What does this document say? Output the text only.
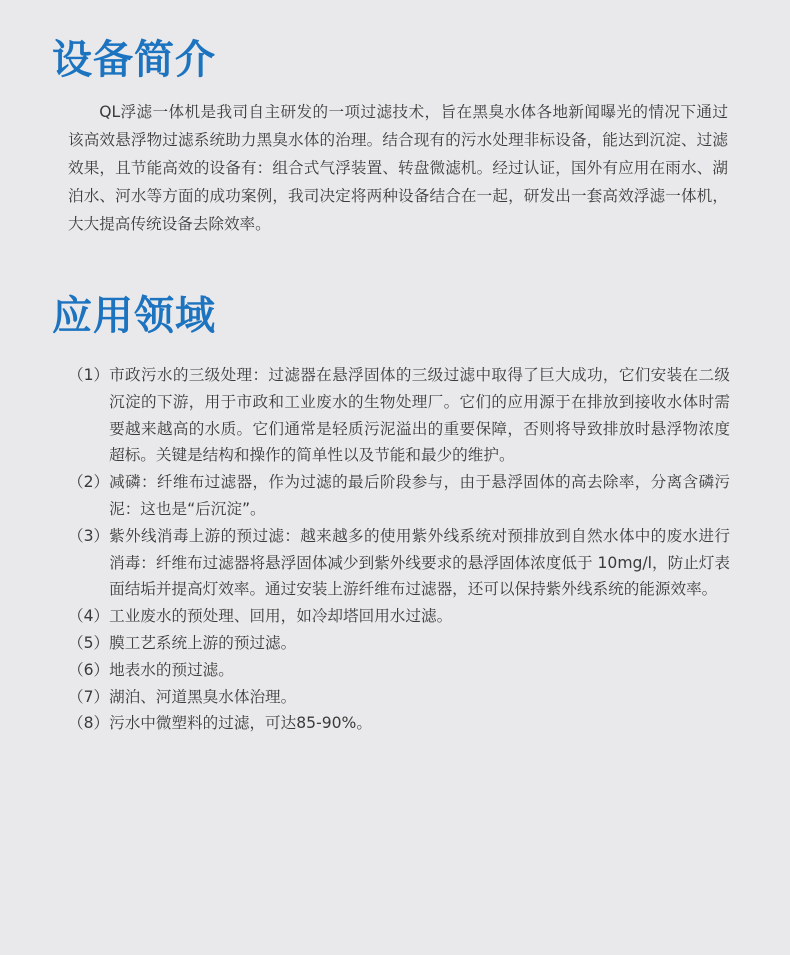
设备简介

QL浮滤一体机是我司自主研发的一项过滤技术，旨在黑臭水体各地新闻曝光的情况下通过该高效悬浮物过滤系统助力黑臭水体的治理。结合现有的污水处理非标设备，能达到沉淀、过滤效果，且节能高效的设备有：组合式气浮装置、转盘微滤机。经过认证，国外有应用在雨水、湖泊水、河水等方面的成功案例，我司决定将两种设备结合在一起，研发出一套高效浮滤一体机，大大提高传统设备去除效率。

应用领域
（1） 市政污水的三级处理：过滤器在悬浮固体的三级过滤中取得了巨大成功，它们安装在二级沉淀的下游，用于市政和工业废水的生物处理厂。它们的应用源于在排放到接收水体时需要越来越高的水质。它们通常是轻质污泥溢出的重要保障，否则将导致排放时悬浮物浓度超标。关键是结构和操作的简单性以及节能和最少的维护。
（2） 减磷：纤维布过滤器，作为过滤的最后阶段参与，由于悬浮固体的高去除率，分离含磷污泥：这也是“后沉淀”。
（3） 紫外线消毒上游的预过滤：越来越多的使用紫外线系统对预排放到自然水体中的废水进行消毒：纤维布过滤器将悬浮固体减少到紫外线要求的悬浮固体浓度低于 10mg/l，防止灯表面结垢并提高灯效率。通过安装上游纤维布过滤器，还可以保持紫外线系统的能源效率。
（4） 工业废水的预处理、回用，如冷却塔回用水过滤。
（5） 膜工艺系统上游的预过滤。
（6） 地表水的预过滤。
（7） 湖泊、河道黑臭水体治理。
（8） 污水中微塑料的过滤，可达85-90%。
